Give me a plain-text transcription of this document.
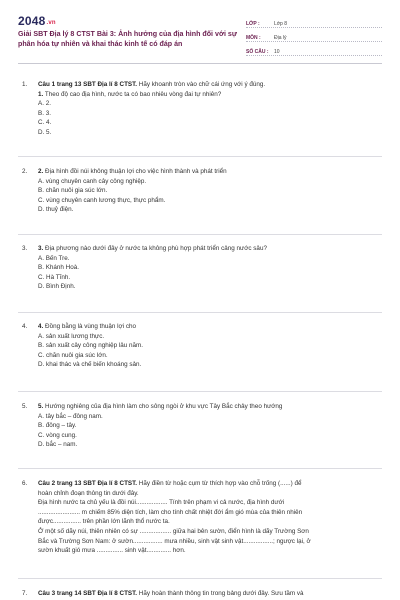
2048.vn
Giải SBT Địa lý 8 CTST Bài 3: Ảnh hưởng của địa hình đối với sự phân hóa tự nhiên và khai thác kinh tế có đáp án
LỚP :	Lớp 8
MÔN :	Địa lý
SỐ CÂU :	10
1.	Câu 1 trang 13 SBT Địa lí 8 CTST. Hãy khoanh tròn vào chữ cái ứng với ý đúng.
1. Theo độ cao địa hình, nước ta có bao nhiêu vòng đai tự nhiên?
A. 2.
B. 3.
C. 4.
D. 5.
2.	2. Địa hình đồi núi không thuận lợi cho việc hình thành và phát triển
A. vùng chuyên canh cây công nghiệp.
B. chăn nuôi gia súc lớn.
C. vùng chuyên canh lương thực, thực phẩm.
D. thuỷ điện.
3.	3. Địa phương nào dưới đây ở nước ta không phù hợp phát triển cảng nước sâu?
A. Bến Tre.
B. Khánh Hoà.
C. Hà Tĩnh.
D. Bình Định.
4.	4. Đồng bằng là vùng thuận lợi cho
A. sản xuất lương thực.
B. sản xuất cây công nghiệp lâu năm.
C. chăn nuôi gia súc lớn.
D. khai thác và chế biến khoáng sản.
5.	5. Hướng nghiêng của địa hình làm cho sông ngòi ở khu vực Tây Bắc chảy theo hướng
A. tây bắc – đông nam.
B. đông – tây.
C. vòng cung.
D. bắc – nam.
6.	Câu 2 trang 13 SBT Địa lí 8 CTST. Hãy điền từ hoặc cụm từ thích hợp vào chỗ trống (......) để
hoàn chỉnh đoạn thông tin dưới đây.
Địa hình nước ta chủ yếu là đồi núi.................. Tính trên phạm vi cả nước, địa hình dưới
........................ m chiếm 85% diện tích, làm cho tính chất nhiệt đới ẩm gió mùa của thiên nhiên
được................ trên phần lớn lãnh thổ nước ta.
Ở một số dãy núi, thiên nhiên có sự .................. giữa hai bên sườn, điển hình là dãy Trường Sơn
Bắc và Trường Sơn Nam: ở sườn................. mưa nhiều, sinh vật sinh vật.................; ngược lại, ở
sườn khuất gió mưa ............... sinh vật.............. hơn.
7.	Câu 3 trang 14 SBT Địa lí 8 CTST. Hãy hoàn thành thông tin trong bảng dưới đây. Sưu tầm và
